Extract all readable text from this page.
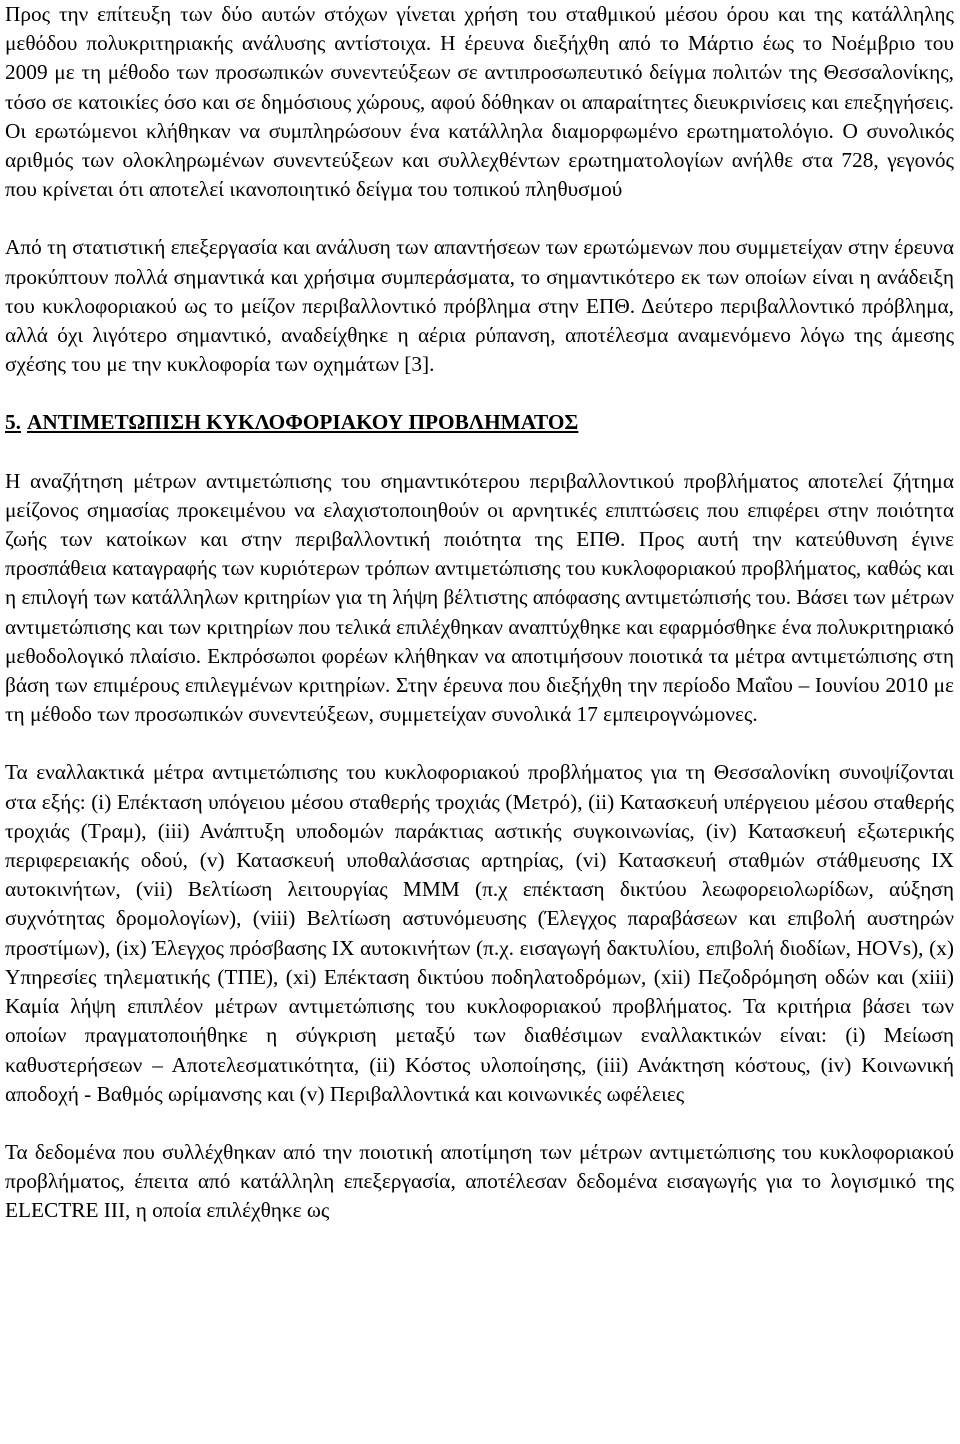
Προς την επίτευξη των δύο αυτών στόχων γίνεται χρήση του σταθμικού μέσου όρου και της κατάλληλης μεθόδου πολυκριτηριακής ανάλυσης αντίστοιχα. Η έρευνα διεξήχθη από το Μάρτιο έως το Νοέμβριο του 2009 με τη μέθοδο των προσωπικών συνεντεύξεων σε αντιπροσωπευτικό δείγμα πολιτών της Θεσσαλονίκης, τόσο σε κατοικίες όσο και σε δημόσιους χώρους, αφού δόθηκαν οι απαραίτητες διευκρινίσεις και επεξηγήσεις. Οι ερωτώμενοι κλήθηκαν να συμπληρώσουν ένα κατάλληλα διαμορφωμένο ερωτηματολόγιο. Ο συνολικός αριθμός των ολοκληρωμένων συνεντεύξεων και συλλεχθέντων ερωτηματολογίων ανήλθε στα 728, γεγονός που κρίνεται ότι αποτελεί ικανοποιητικό δείγμα του τοπικού πληθυσμού

Από τη στατιστική επεξεργασία και ανάλυση των απαντήσεων των ερωτώμενων που συμμετείχαν στην έρευνα προκύπτουν πολλά σημαντικά και χρήσιμα συμπεράσματα, το σημαντικότερο εκ των οποίων είναι η ανάδειξη του κυκλοφοριακού ως το μείζον περιβαλλοντικό πρόβλημα στην ΕΠΘ. Δεύτερο περιβαλλοντικό πρόβλημα, αλλά όχι λιγότερο σημαντικό, αναδείχθηκε η αέρια ρύπανση, αποτέλεσμα αναμενόμενο λόγω της άμεσης σχέσης του με την κυκλοφορία των οχημάτων [3].

5. ΑΝΤΙΜΕΤΩΠΙΣΗ ΚΥΚΛΟΦΟΡΙΑΚΟΥ ΠΡΟΒΛΗΜΑΤΟΣ

Η αναζήτηση μέτρων αντιμετώπισης του σημαντικότερου περιβαλλοντικού προβλήματος αποτελεί ζήτημα μείζονος σημασίας προκειμένου να ελαχιστοποιηθούν οι αρνητικές επιπτώσεις που επιφέρει στην ποιότητα ζωής των κατοίκων και στην περιβαλλοντική ποιότητα της ΕΠΘ. Προς αυτή την κατεύθυνση έγινε προσπάθεια καταγραφής των κυριότερων τρόπων αντιμετώπισης του κυκλοφοριακού προβλήματος, καθώς και η επιλογή των κατάλληλων κριτηρίων για τη λήψη βέλτιστης απόφασης αντιμετώπισής του. Βάσει των μέτρων αντιμετώπισης και των κριτηρίων που τελικά επιλέχθηκαν αναπτύχθηκε και εφαρμόσθηκε ένα πολυκριτηριακό μεθοδολογικό πλαίσιο. Εκπρόσωποι φορέων κλήθηκαν να αποτιμήσουν ποιοτικά τα μέτρα αντιμετώπισης στη βάση των επιμέρους επιλεγμένων κριτηρίων. Στην έρευνα που διεξήχθη την περίοδο Μαΐου – Ιουνίου 2010 με τη μέθοδο των προσωπικών συνεντεύξεων, συμμετείχαν συνολικά 17 εμπειρογνώμονες.

Τα εναλλακτικά μέτρα αντιμετώπισης του κυκλοφοριακού προβλήματος για τη Θεσσαλονίκη συνοψίζονται στα εξής: (i) Επέκταση υπόγειου μέσου σταθερής τροχιάς (Μετρό), (ii) Κατασκευή υπέργειου μέσου σταθερής τροχιάς (Τραμ), (iii) Ανάπτυξη υποδομών παράκτιας αστικής συγκοινωνίας, (iv) Κατασκευή εξωτερικής περιφερειακής οδού, (v) Κατασκευή υποθαλάσσιας αρτηρίας, (vi) Κατασκευή σταθμών στάθμευσης ΙΧ αυτοκινήτων, (vii) Βελτίωση λειτουργίας ΜΜΜ (π.χ επέκταση δικτύου λεωφορειολωρίδων, αύξηση συχνότητας δρομολογίων), (viii) Βελτίωση αστυνόμευσης (Έλεγχος παραβάσεων και επιβολή αυστηρών προστίμων), (ix) Έλεγχος πρόσβασης ΙΧ αυτοκινήτων (π.χ. εισαγωγή δακτυλίου, επιβολή διοδίων, HOVs), (x) Υπηρεσίες τηλεματικής (ΤΠΕ), (xi) Επέκταση δικτύου ποδηλατοδρόμων, (xii) Πεζοδρόμηση οδών και (xiii) Καμία λήψη επιπλέον μέτρων αντιμετώπισης του κυκλοφοριακού προβλήματος. Τα κριτήρια βάσει των οποίων πραγματοποιήθηκε η σύγκριση μεταξύ των διαθέσιμων εναλλακτικών είναι: (i) Μείωση καθυστερήσεων – Αποτελεσματικότητα, (ii) Κόστος υλοποίησης, (iii) Ανάκτηση κόστους, (iv) Κοινωνική αποδοχή - Βαθμός ωρίμανσης και (v) Περιβαλλοντικά και κοινωνικές ωφέλειες

Τα δεδομένα που συλλέχθηκαν από την ποιοτική αποτίμηση των μέτρων αντιμετώπισης του κυκλοφοριακού προβλήματος, έπειτα από κατάλληλη επεξεργασία, αποτέλεσαν δεδομένα εισαγωγής για το λογισμικό της ELECTRE III, η οποία επιλέχθηκε ως
